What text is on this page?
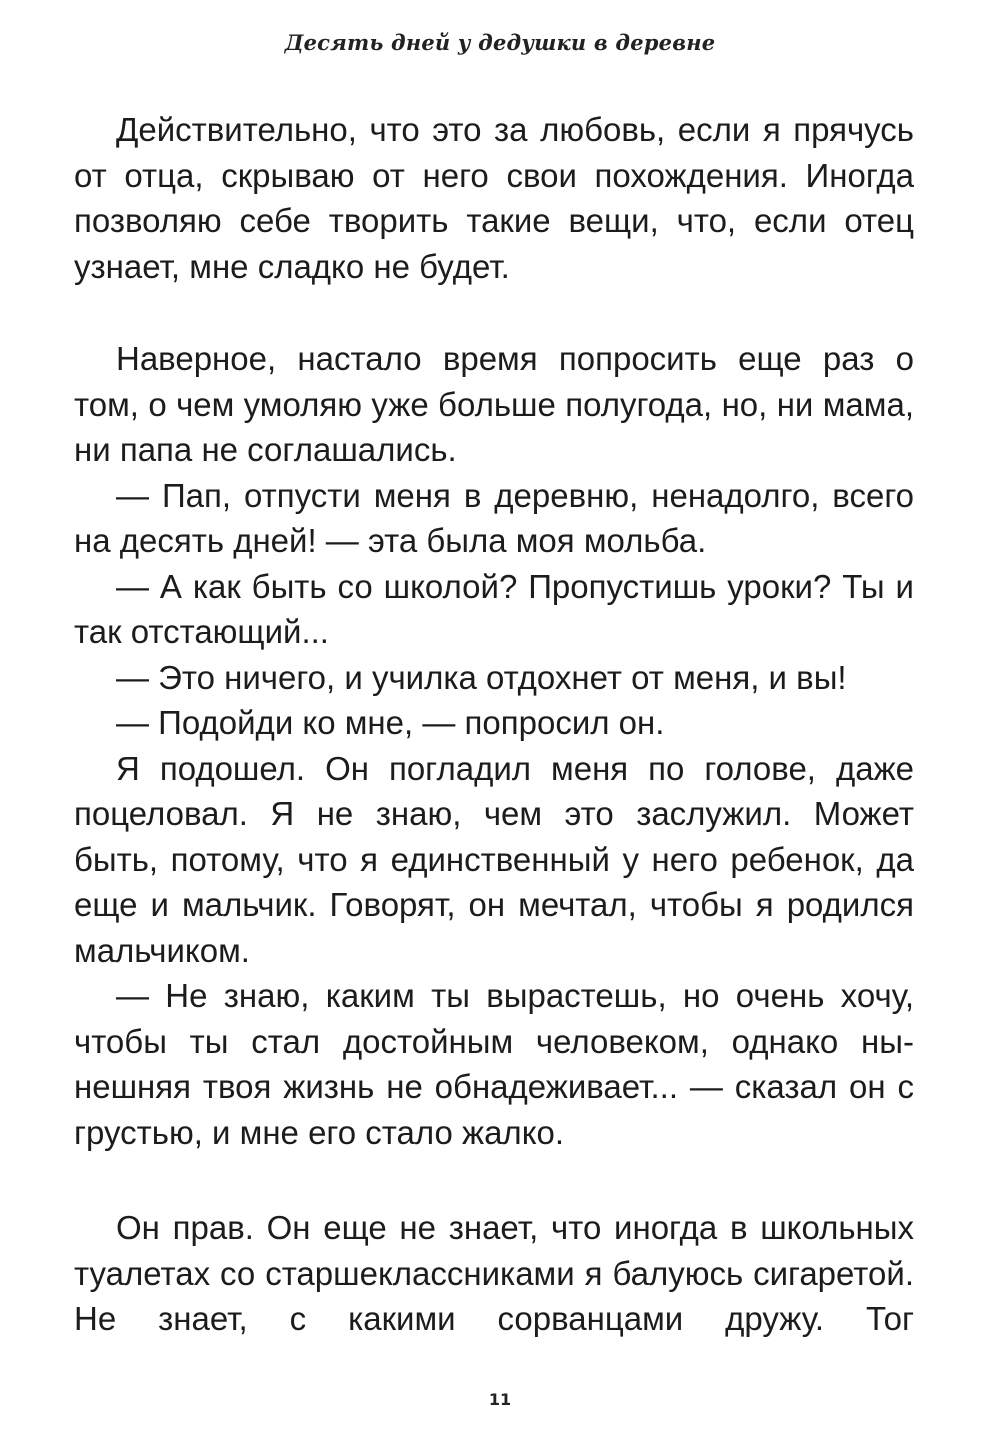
Десять дней у дедушки в деревне

Действительно, что это за любовь, если я прячусь от отца, скрываю от него свои похождения. Иногда позволяю себе творить такие вещи, что, если отец узнает, мне сладко не будет.

Наверное, настало время попросить еще раз о том, о чем умоляю уже больше полугода, но, ни мама, ни папа не соглашались.

— Пап, отпусти меня в деревню, ненадолго, всего на десять дней! — эта была моя мольба.

— А как быть со школой? Пропустишь уроки? Ты и так отстающий...

— Это ничего, и училка отдохнет от меня, и вы!

— Подойди ко мне, — попросил он.

Я подошел. Он погладил меня по голове, даже поцеловал. Я не знаю, чем это заслужил. Может быть, потому, что я единственный у него ребенок, да еще и мальчик. Говорят, он мечтал, чтобы я родился мальчиком.

— Не знаю, каким ты вырастешь, но очень хочу, чтобы ты стал достойным человеком, однако нынешняя твоя жизнь не обнадеживает... — сказал он с грустью, и мне его стало жалко.

Он прав. Он еще не знает, что иногда в школьных туалетах со старшеклассниками я балуюсь сигаретой. Не знает, с какими сорванцами дружу. Тог

11
